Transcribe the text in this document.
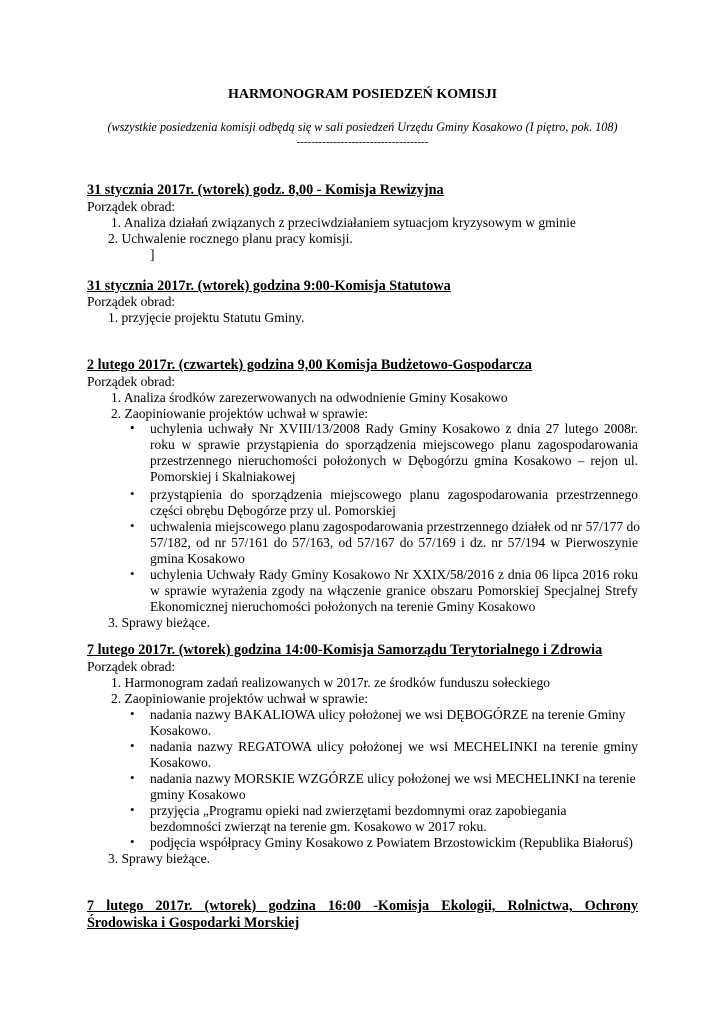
HARMONOGRAM POSIEDZEŃ KOMISJI
(wszystkie posiedzenia komisji odbędą się w sali posiedzeń Urzędu Gminy Kosakowo (I piętro, pok. 108)
------------------------------------
31 stycznia 2017r. (wtorek) godz. 8,00 - Komisja Rewizyjna
Porządek obrad:
1. Analiza działań związanych z przeciwdziałaniem sytuacjom kryzysowym w gminie
2. Uchwalenie rocznego planu pracy komisji.
]
31 stycznia 2017r. (wtorek) godzina 9:00-Komisja Statutowa
Porządek obrad:
1. przyjęcie projektu Statutu Gminy.
2 lutego 2017r. (czwartek) godzina 9,00 Komisja Budżetowo-Gospodarcza
Porządek obrad:
1. Analiza środków zarezerwowanych na odwodnienie Gminy Kosakowo
2. Zaopiniowanie projektów uchwał w sprawie:
• uchylenia uchwały Nr XVIII/13/2008 Rady Gminy Kosakowo z dnia 27 lutego 2008r.
roku w sprawie przystąpienia do sporządzenia miejscowego planu zagospodarowania
przestrzennego nieruchomości położonych w Dębogórzu gmina Kosakowo – rejon ul.
Pomorskiej i Skalniakowej
• przystąpienia do sporządzenia miejscowego planu zagospodarowania przestrzennego
części obrębu Dębogórze przy ul. Pomorskiej
• uchwalenia miejscowego planu zagospodarowania przestrzennego działek od nr 57/177 do
57/182, od nr 57/161 do 57/163, od 57/167 do 57/169 i dz. nr 57/194 w Pierwoszynie
gmina Kosakowo
• uchylenia Uchwały Rady Gminy Kosakowo Nr XXIX/58/2016 z dnia 06 lipca 2016 roku
w sprawie wyrażenia zgody na włączenie granice obszaru Pomorskiej Specjalnej Strefy
Ekonomicznej nieruchomości położonych na terenie Gminy Kosakowo
3. Sprawy bieżące.
7 lutego 2017r. (wtorek) godzina 14:00-Komisja Samorządu Terytorialnego i Zdrowia
Porządek obrad:
1. Harmonogram zadań realizowanych w 2017r. ze środków funduszu sołeckiego
2. Zaopiniowanie projektów uchwał w sprawie:
• nadania nazwy BAKALIOWA ulicy położonej we wsi DĘBOGÓRZE na terenie Gminy
Kosakowo.
• nadania nazwy REGATOWA ulicy położonej we wsi MECHELINKI na terenie gminy
Kosakowo.
• nadania nazwy MORSKIE WZGÓRZE ulicy położonej we wsi MECHELINKI na terenie
gminy Kosakowo
• przyjęcia „Programu opieki nad zwierzętami bezdomnymi oraz zapobiegania
bezdomności zwierząt na terenie gm. Kosakowo w 2017 roku.
• podjęcia współpracy Gminy Kosakowo z Powiatem Brzostowickim (Republika Białoruś)
3. Sprawy bieżące.
7 lutego 2017r. (wtorek) godzina 16:00 -Komisja Ekologii, Rolnictwa, Ochrony
Środowiska i Gospodarki Morskiej
